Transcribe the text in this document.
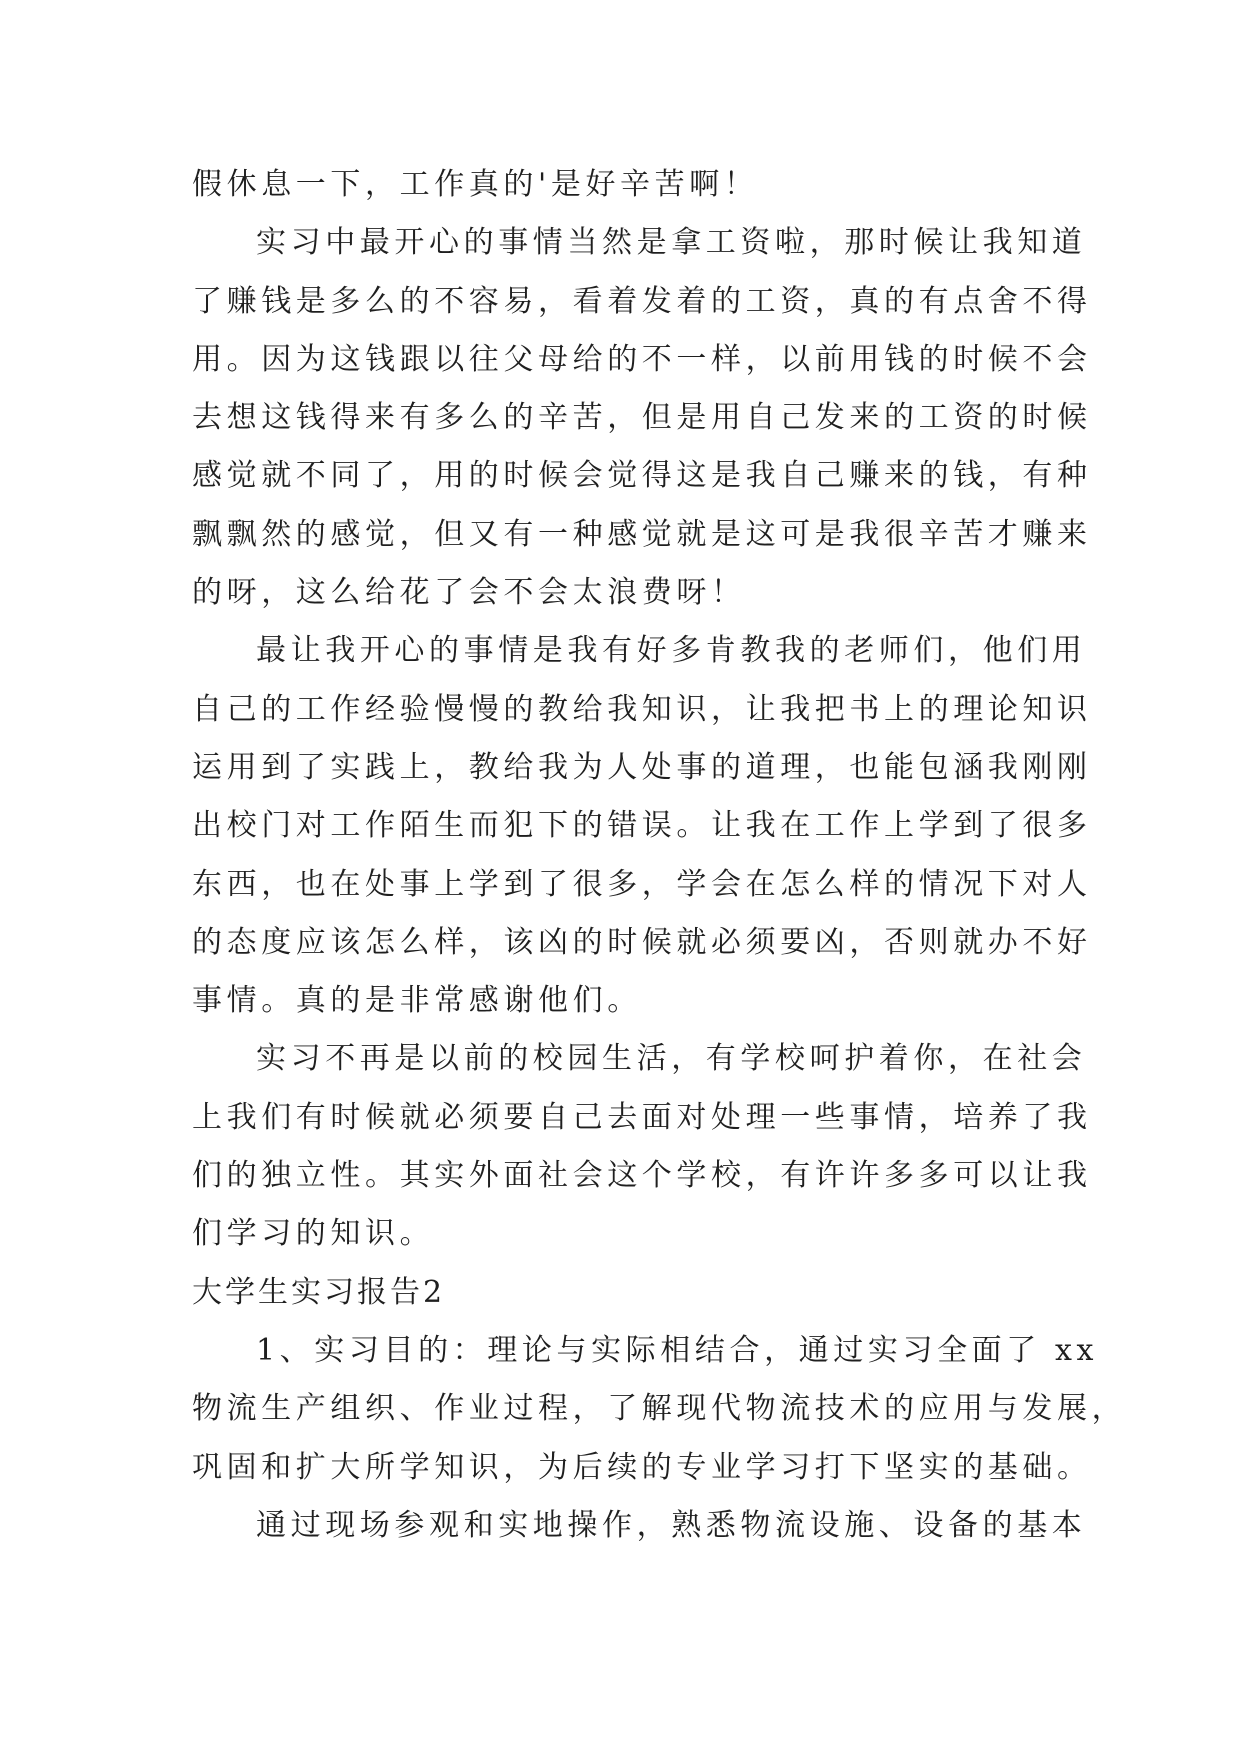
假休息一下，工作真的'是好辛苦啊！
实习中最开心的事情当然是拿工资啦，那时候让我知道
了赚钱是多么的不容易，看着发着的工资，真的有点舍不得
用。因为这钱跟以往父母给的不一样，以前用钱的时候不会
去想这钱得来有多么的辛苦，但是用自己发来的工资的时候
感觉就不同了，用的时候会觉得这是我自己赚来的钱，有种
飘飘然的感觉，但又有一种感觉就是这可是我很辛苦才赚来
的呀，这么给花了会不会太浪费呀！
最让我开心的事情是我有好多肯教我的老师们，他们用
自己的工作经验慢慢的教给我知识，让我把书上的理论知识
运用到了实践上，教给我为人处事的道理，也能包涵我刚刚
出校门对工作陌生而犯下的错误。让我在工作上学到了很多
东西，也在处事上学到了很多，学会在怎么样的情况下对人
的态度应该怎么样，该凶的时候就必须要凶，否则就办不好
事情。真的是非常感谢他们。
实习不再是以前的校园生活，有学校呵护着你，在社会
上我们有时候就必须要自己去面对处理一些事情，培养了我
们的独立性。其实外面社会这个学校，有许许多多可以让我
们学习的知识。
大学生实习报告2
1、实习目的：理论与实际相结合，通过实习全面了 xx
物流生产组织、作业过程，了解现代物流技术的应用与发展，
巩固和扩大所学知识，为后续的专业学习打下坚实的基础。
通过现场参观和实地操作，熟悉物流设施、设备的基本
